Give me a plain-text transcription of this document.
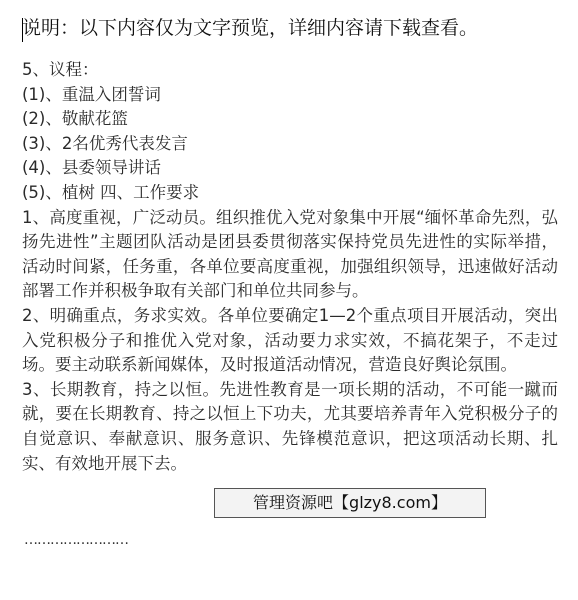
说明：以下内容仅为文字预览，详细内容请下载查看。

5、议程：

(1)、重温入团誓词

(2)、敬献花篮

(3)、2名优秀代表发言

(4)、县委领导讲话

(5)、植树 四、工作要求

1、高度重视，广泛动员。组织推优入党对象集中开展“缅怀革命先烈，弘扬先进性”主题团队活动是团县委贯彻落实保持党员先进性的实际举措，活动时间紧，任务重，各单位要高度重视，加强组织领导，迅速做好活动部署工作并积极争取有关部门和单位共同参与。

2、明确重点，务求实效。各单位要确定1—2个重点项目开展活动，突出入党积极分子和推优入党对象，活动要力求实效，不搞花架子，不走过场。要主动联系新闻媒体，及时报道活动情况，营造良好舆论氛围。

3、长期教育，持之以恒。先进性教育是一项长期的活动，不可能一蹴而就，要在长期教育、持之以恒上下功夫，尤其要培养青年入党积极分子的自觉意识、奉献意识、服务意识、先锋模范意识，把这项活动长期、扎实、有效地开展下去。

……………………
管理资源吧【glzy8.com】
